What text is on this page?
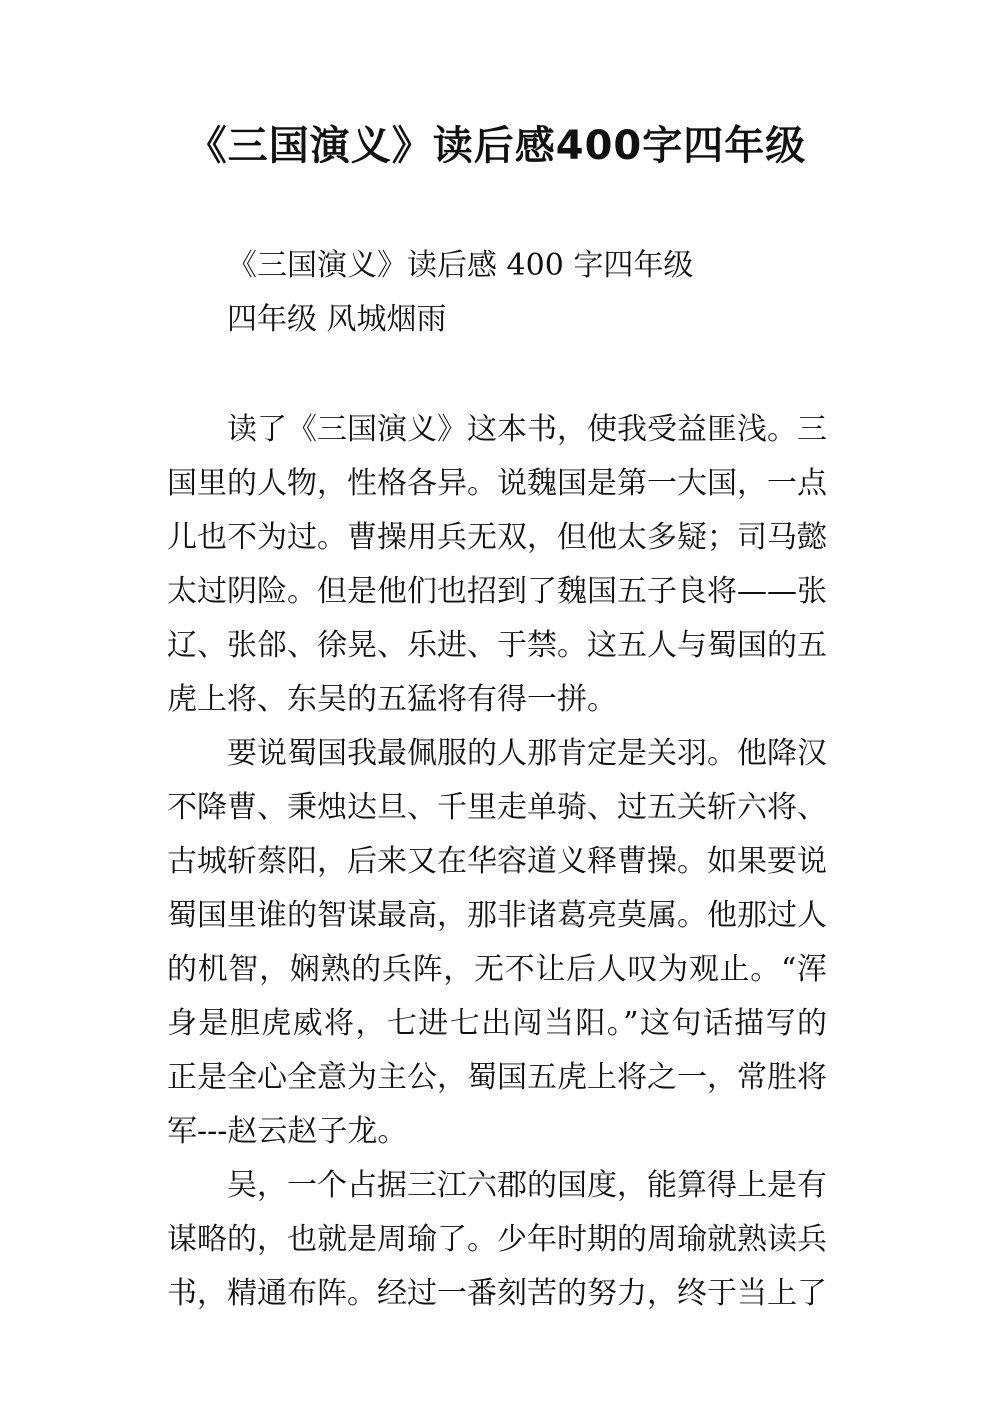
《三国演义》读后感400字四年级

《三国演义》读后感 400 字四年级

四年级 风城烟雨

读了《三国演义》这本书，使我受益匪浅。三国里的人物，性格各异。说魏国是第一大国，一点儿也不为过。曹操用兵无双，但他太多疑；司马懿太过阴险。但是他们也招到了魏国五子良将——张辽、张郃、徐晃、乐进、于禁。这五人与蜀国的五虎上将、东吴的五猛将有得一拼。

要说蜀国我最佩服的人那肯定是关羽。他降汉不降曹、秉烛达旦、千里走单骑、过五关斩六将、古城斩蔡阳，后来又在华容道义释曹操。如果要说蜀国里谁的智谋最高，那非诸葛亮莫属。他那过人的机智，娴熟的兵阵，无不让后人叹为观止。“浑身是胆虎威将，七进七出闯当阳。”这句话描写的正是全心全意为主公，蜀国五虎上将之一，常胜将军---赵云赵子龙。

吴，一个占据三江六郡的国度，能算得上是有谋略的，也就是周瑜了。少年时期的周瑜就熟读兵书，精通布阵。经过一番刻苦的努力，终于当上了
